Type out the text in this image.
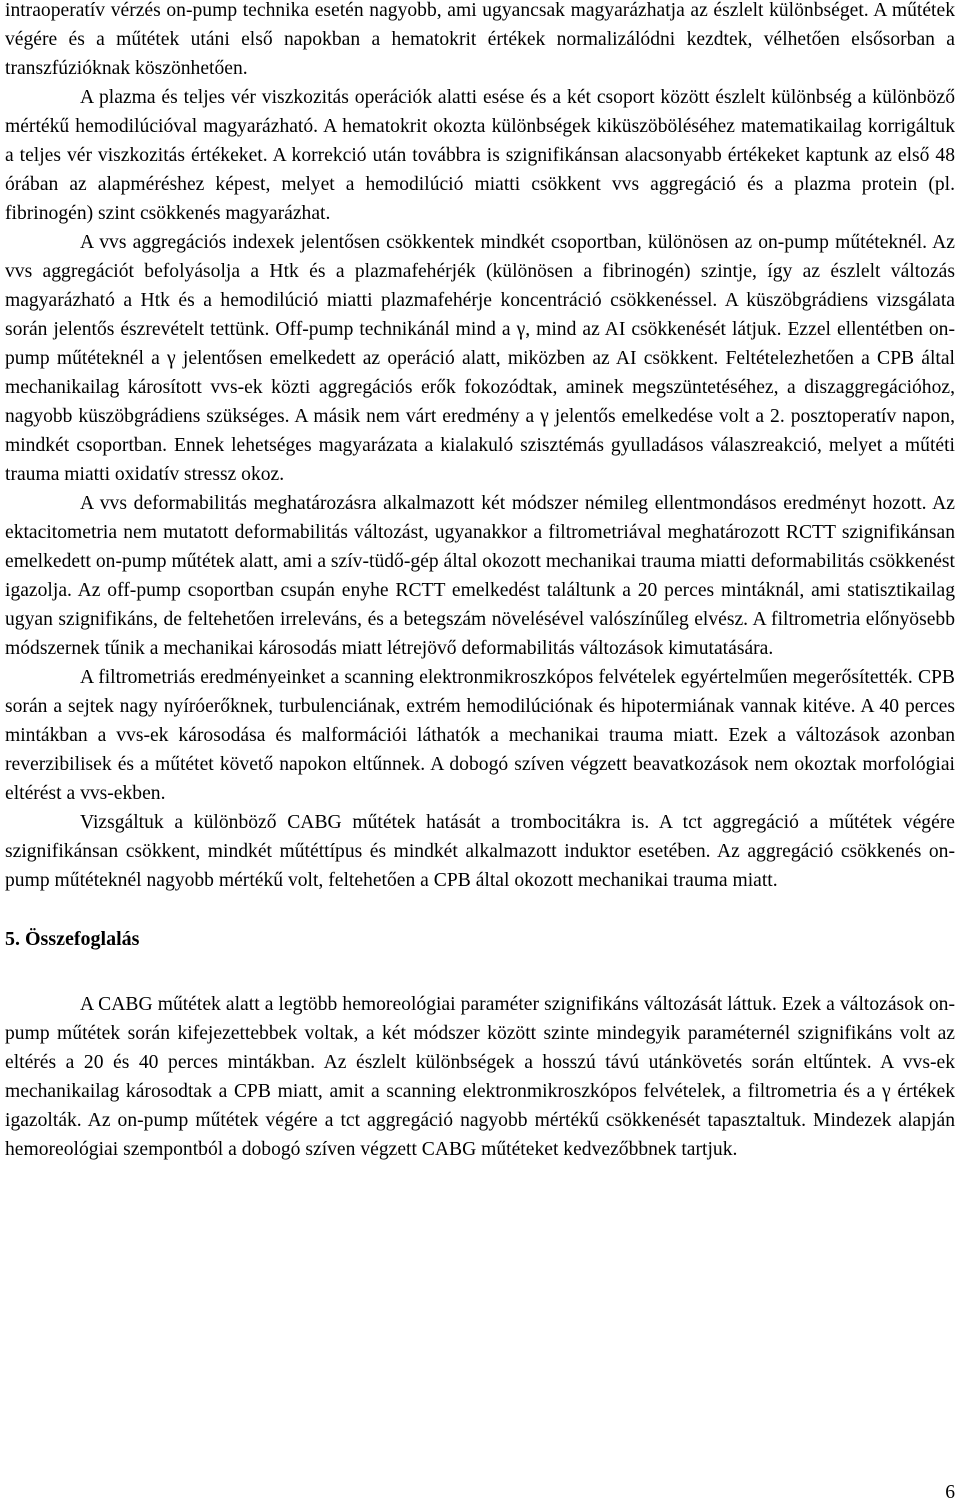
intraoperatív vérzés on-pump technika esetén nagyobb, ami ugyancsak magyarázhatja az észlelt különbséget. A műtétek végére és a műtétek utáni első napokban a hematokrit értékek normalizálódni kezdtek, vélhetően elsősorban a transzfúzióknak köszönhetően.

A plazma és teljes vér viszkozitás operációk alatti esése és a két csoport között észlelt különbség a különböző mértékű hemodilúcióval magyarázható. A hematokrit okozta különbségek kiküszöböléséhez matematikailag korrigáltuk a teljes vér viszkozitás értékeket. A korrekció után továbbra is szignifikánsan alacsonyabb értékeket kaptunk az első 48 órában az alapméréshez képest, melyet a hemodilúció miatti csökkent vvs aggregáció és a plazma protein (pl. fibrinogén) szint csökkenés magyarázhat.

A vvs aggregációs indexek jelentősen csökkentek mindkét csoportban, különösen az on-pump műtéteknél. Az vvs aggregációt befolyásolja a Htk és a plazmafehérjék (különösen a fibrinogén) szintje, így az észlelt változás magyarázható a Htk és a hemodilúció miatti plazmafehérje koncentráció csökkenéssel. A küszöbgrádiens vizsgálata során jelentős észrevételt tettünk. Off-pump technikánál mind a γ, mind az AI csökkenését látjuk. Ezzel ellentétben on-pump műtéteknél a γ jelentősen emelkedett az operáció alatt, miközben az AI csökkent. Feltételezhetően a CPB által mechanikailag károsított vvs-ek közti aggregációs erők fokozódtak, aminek megszüntetéséhez, a diszaggregációhoz, nagyobb küszöbgrádiens szükséges. A másik nem várt eredmény a γ jelentős emelkedése volt a 2. posztoperatív napon, mindkét csoportban. Ennek lehetséges magyarázata a kialakuló szisztémás gyulladásos válaszreakció, melyet a műtéti trauma miatti oxidatív stressz okoz.

A vvs deformabilitás meghatározásra alkalmazott két módszer némileg ellentmondásos eredményt hozott. Az ektacitometria nem mutatott deformabilitás változást, ugyanakkor a filtrometriával meghatározott RCTT szignifikánsan emelkedett on-pump műtétek alatt, ami a szív-tüdő-gép által okozott mechanikai trauma miatti deformabilitás csökkenést igazolja. Az off-pump csoportban csupán enyhe RCTT emelkedést találtunk a 20 perces mintáknál, ami statisztikailag ugyan szignifikáns, de feltehetően irreleváns, és a betegszám növelésével valószínűleg elvész. A filtrometria előnyösebb módszernek tűnik a mechanikai károsodás miatt létrejövő deformabilitás változások kimutatására.

A filtrometriás eredményeinket a scanning elektronmikroszkópos felvételek egyértelműen megerősítették. CPB során a sejtek nagy nyíróerőknek, turbulenciának, extrém hemodilúciónak és hipotermiának vannak kitéve. A 40 perces mintákban a vvs-ek károsodása és malformációi láthatók a mechanikai trauma miatt. Ezek a változások azonban reverzibilisek és a műtétet követő napokon eltűnnek. A dobogó szíven végzett beavatkozások nem okoztak morfológiai eltérést a vvs-ekben.

Vizsgáltuk a különböző CABG műtétek hatását a trombocitákra is. A tct aggregáció a műtétek végére szignifikánsan csökkent, mindkét műtéttípus és mindkét alkalmazott induktor esetében. Az aggregáció csökkenés on-pump műtéteknél nagyobb mértékű volt, feltehetően a CPB által okozott mechanikai trauma miatt.

5. Összefoglalás

A CABG műtétek alatt a legtöbb hemoreológiai paraméter szignifikáns változását láttuk. Ezek a változások on-pump műtétek során kifejezettebbek voltak, a két módszer között szinte mindegyik paraméternél szignifikáns volt az eltérés a 20 és 40 perces mintákban. Az észlelt különbségek a hosszú távú utánkövetés során eltűntek. A vvs-ek mechanikailag károsodtak a CPB miatt, amit a scanning elektronmikroszkópos felvételek, a filtrometria és a γ értékek igazolták. Az on-pump műtétek végére a tct aggregáció nagyobb mértékű csökkenését tapasztaltuk. Mindezek alapján hemoreológiai szempontból a dobogó szíven végzett CABG műtéteket kedvezőbbnek tartjuk.

6
